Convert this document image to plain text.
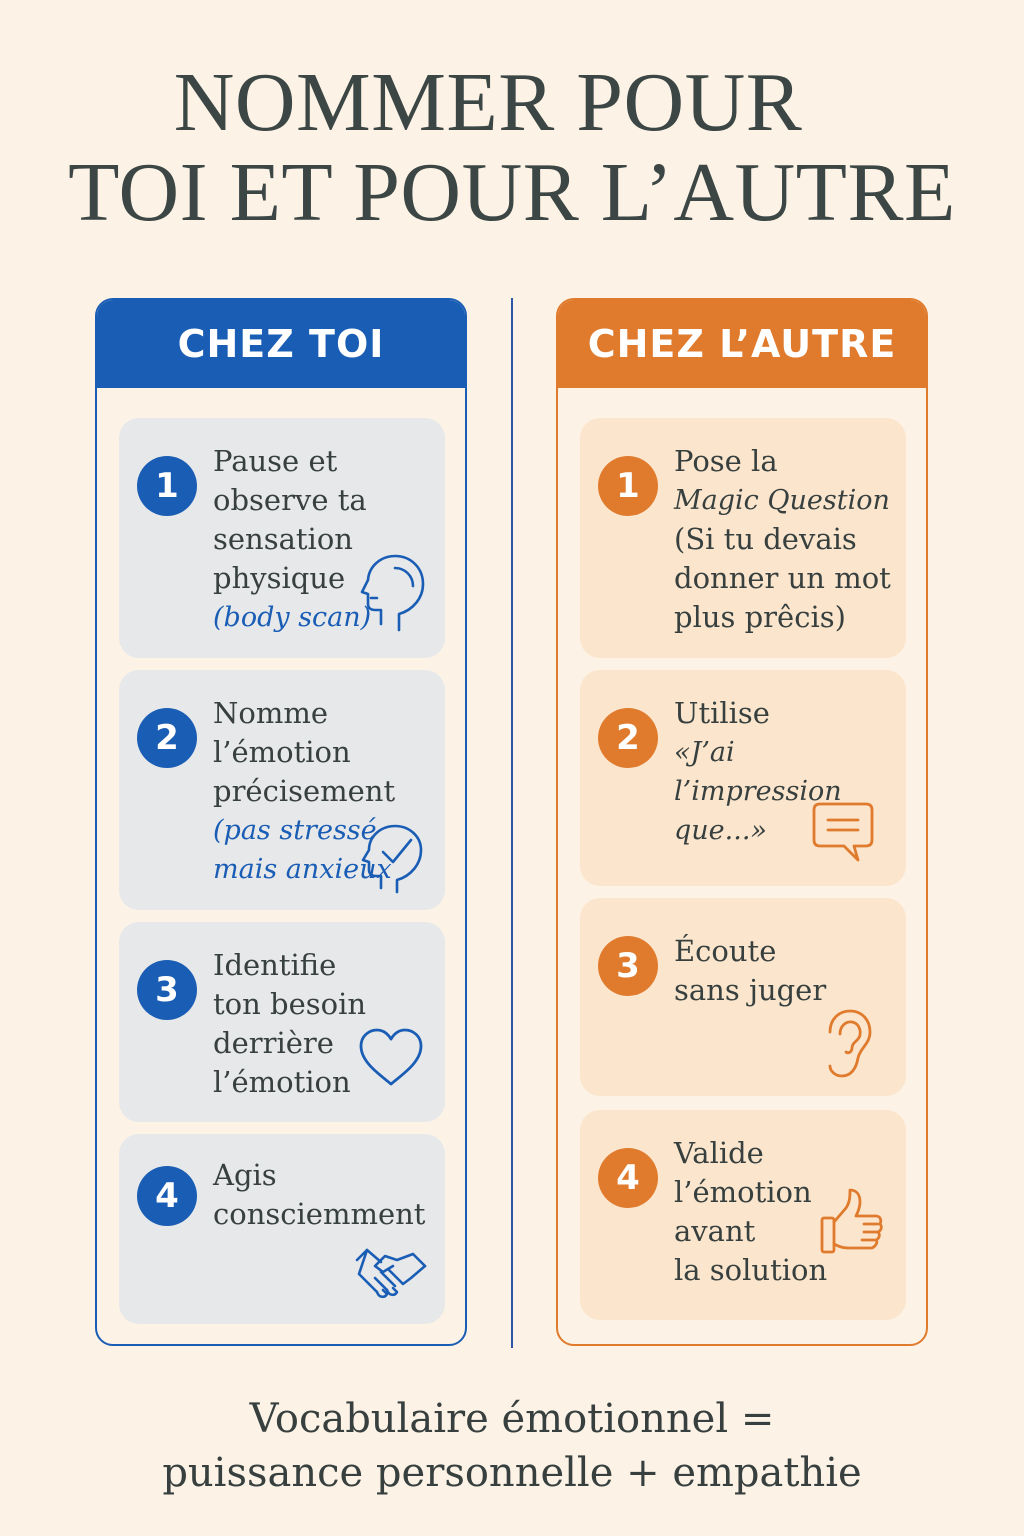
NOMMER POUR
TOI ET POUR L’AUTRE
CHEZ TOI
1
Pause et
observe ta
sensation
physique
(body scan)
2
Nomme
l’émotion
précisement
(pas stressé
mais anxieux
3
Identifie
ton besoin
derrière
l’émotion
4
Agis
consciemment
CHEZ L’AUTRE
1
Pose la
Magic Question
(Si tu devais
donner un mot
plus prêcis)
2
Utilise
«J’ai l’impression
que...»
3	Écoute
sans juger
4
Valide
l’émotion
avant
la solution
Vocabulaire émotionnel =
puissance personnelle + empathie
